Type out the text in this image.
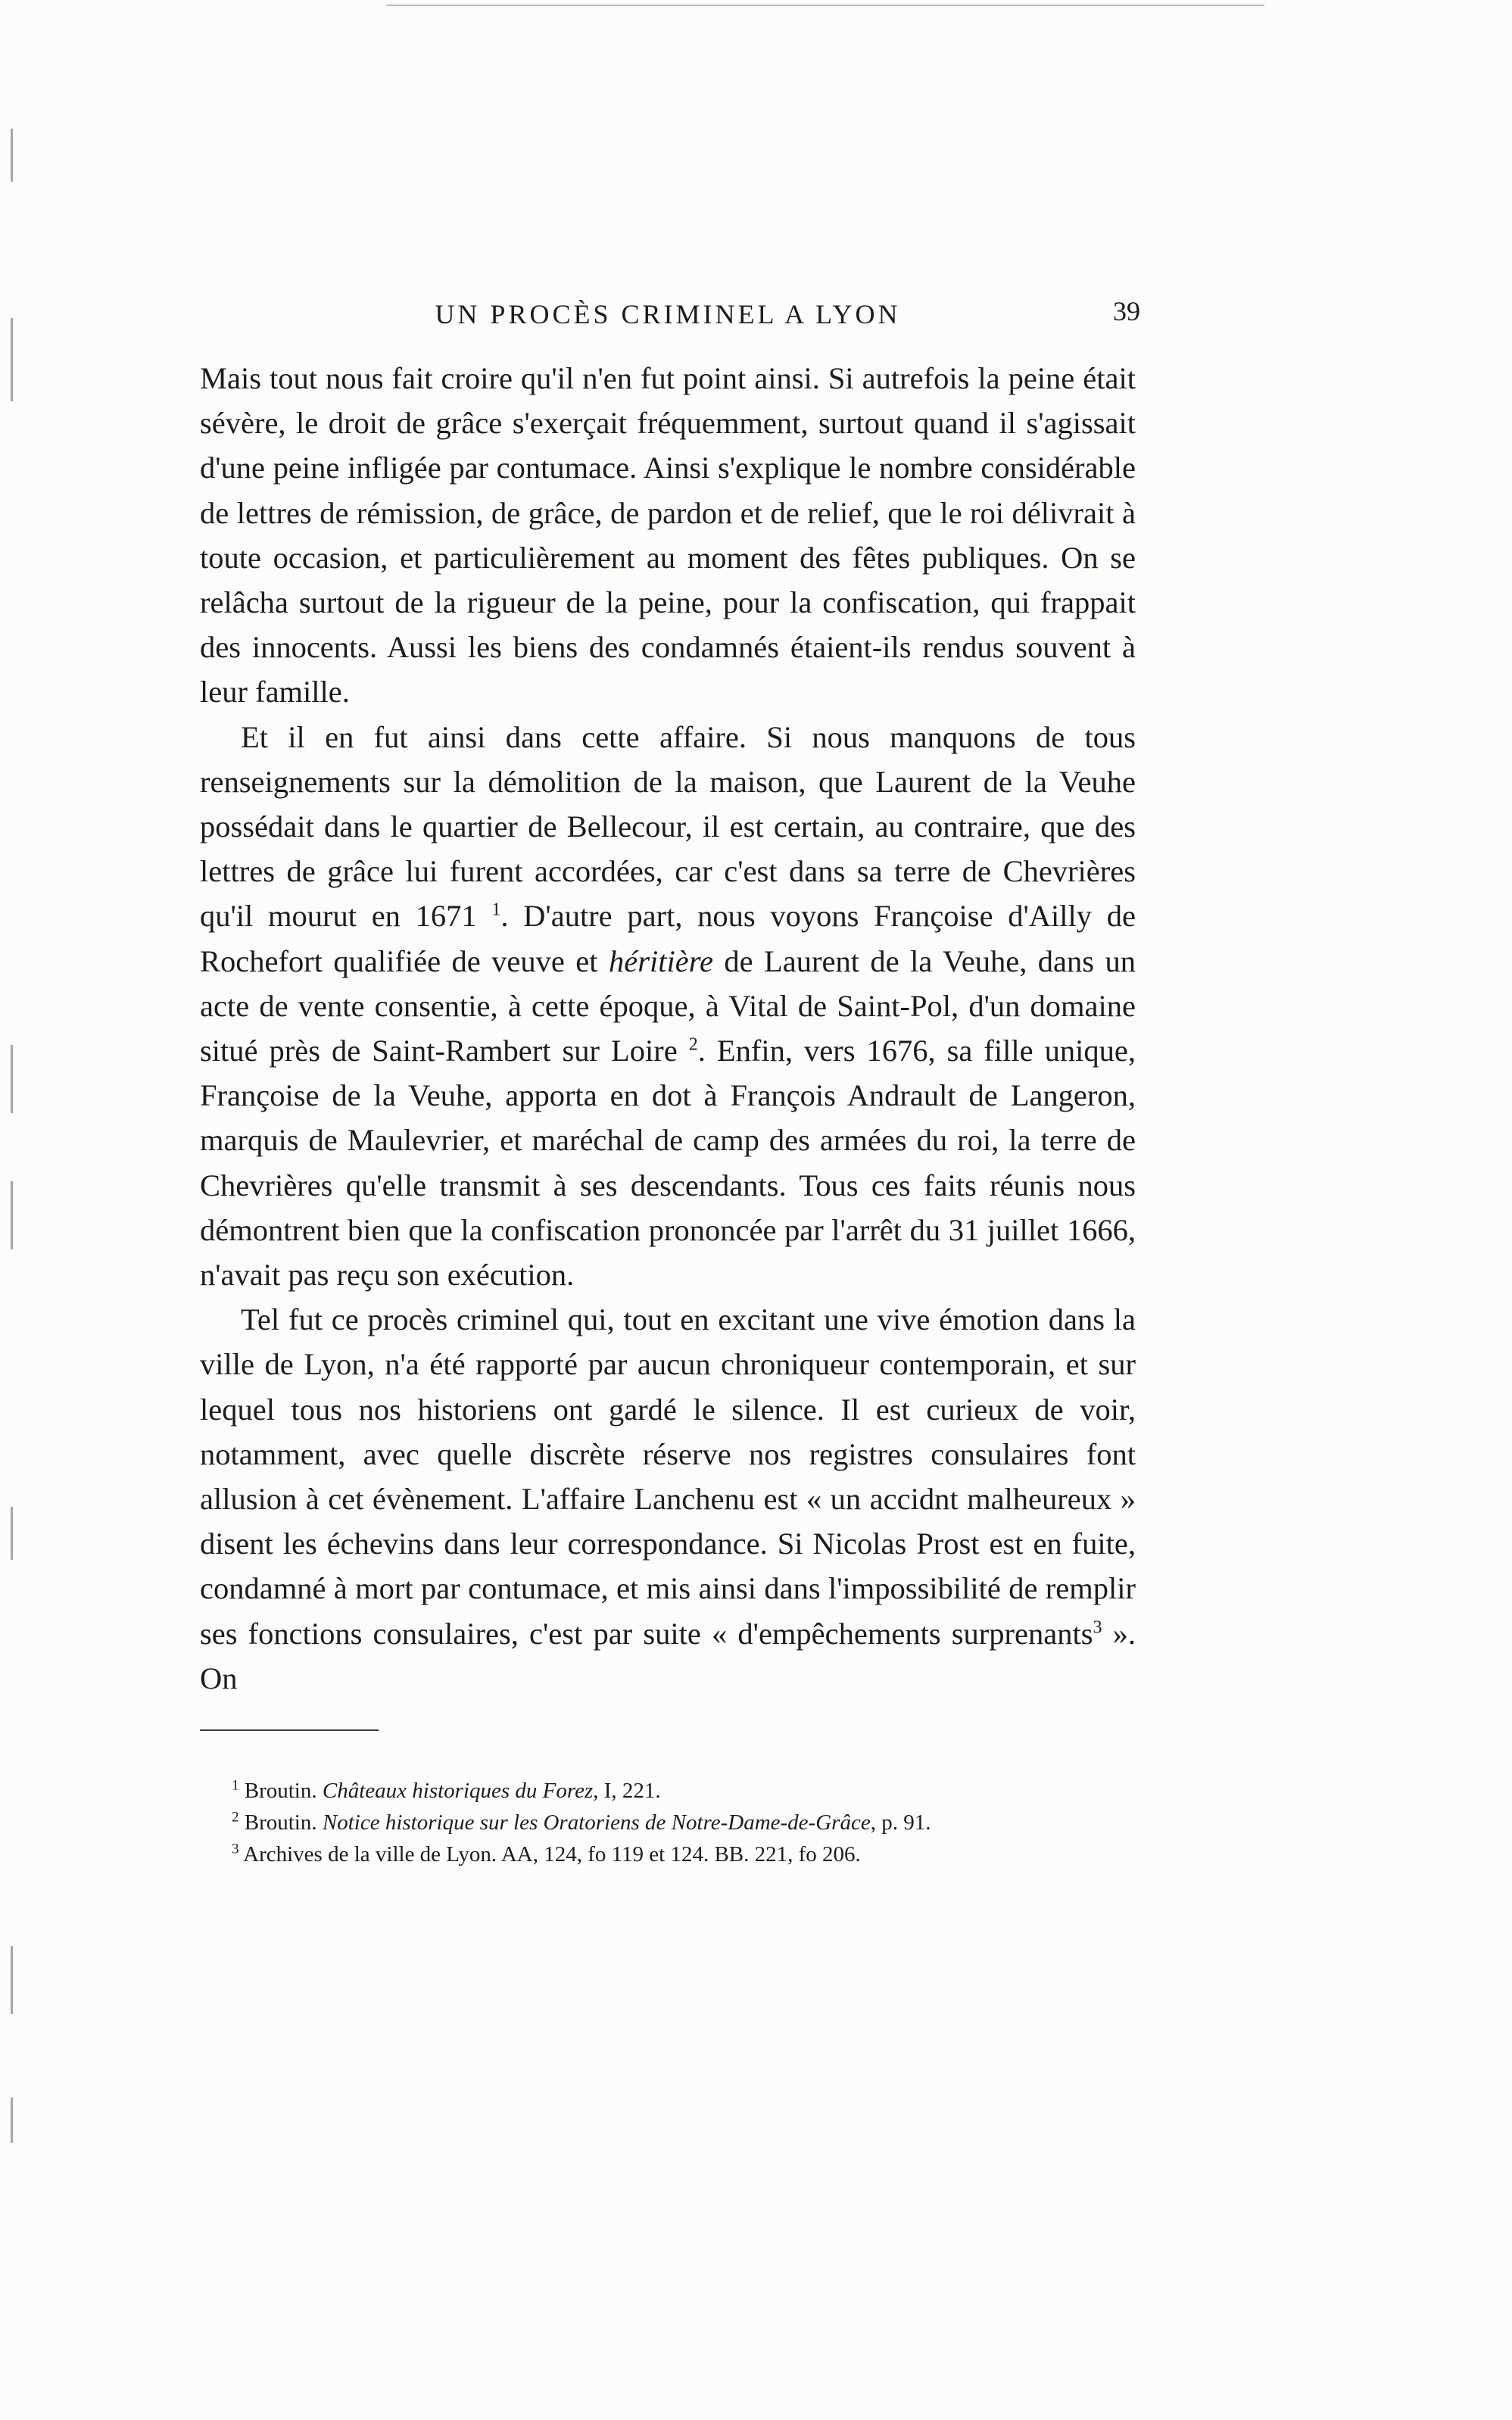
UN PROCÈS CRIMINEL A LYON	39

Mais tout nous fait croire qu'il n'en fut point ainsi. Si autrefois la peine était sévère, le droit de grâce s'exerçait fréquemment, surtout quand il s'agissait d'une peine infligée par contumace. Ainsi s'explique le nombre considérable de lettres de rémission, de grâce, de pardon et de relief, que le roi délivrait à toute occasion, et particulièrement au moment des fêtes publiques. On se relâcha surtout de la rigueur de la peine, pour la confiscation, qui frappait des innocents. Aussi les biens des condamnés étaient-ils rendus souvent à leur famille.

Et il en fut ainsi dans cette affaire. Si nous manquons de tous renseignements sur la démolition de la maison, que Laurent de la Veuhe possédait dans le quartier de Bellecour, il est certain, au contraire, que des lettres de grâce lui furent accordées, car c'est dans sa terre de Chevrières qu'il mourut en 1671 $^1$. D'autre part, nous voyons Françoise d'Ailly de Rochefort qualifiée de veuve et héritière de Laurent de la Veuhe, dans un acte de vente consentie, à cette époque, à Vital de Saint-Pol, d'un domaine situé près de Saint-Rambert sur Loire $^2$. Enfin, vers 1676, sa fille unique, Françoise de la Veuhe, apporta en dot à François Andrault de Langeron, marquis de Maulevrier, et maréchal de camp des armées du roi, la terre de Chevrières qu'elle transmit à ses descendants. Tous ces faits réunis nous démontrent bien que la confiscation prononcée par l'arrêt du 31 juillet 1666, n'avait pas reçu son exécution.

Tel fut ce procès criminel qui, tout en excitant une vive émotion dans la ville de Lyon, n'a été rapporté par aucun chroniqueur contemporain, et sur lequel tous nos historiens ont gardé le silence. Il est curieux de voir, notamment, avec quelle discrète réserve nos registres consulaires font allusion à cet évènement. L'affaire Lanchenu est « un accidnt malheureux » disent les échevins dans leur correspondance. Si Nicolas Prost est en fuite, condamné à mort par contumace, et mis ainsi dans l'impossibilité de remplir ses fonctions consulaires, c'est par suite « d'empêchements surprenants$^3$ ». On

$^1$ Broutin. Châteaux historiques du Forez, I, 221.
$^2$ Broutin. Notice historique sur les Oratoriens de Notre-Dame-de-Grâce, p. 91.
$^3$ Archives de la ville de Lyon. AA, 124, fo 119 et 124. BB. 221, fo 206.
